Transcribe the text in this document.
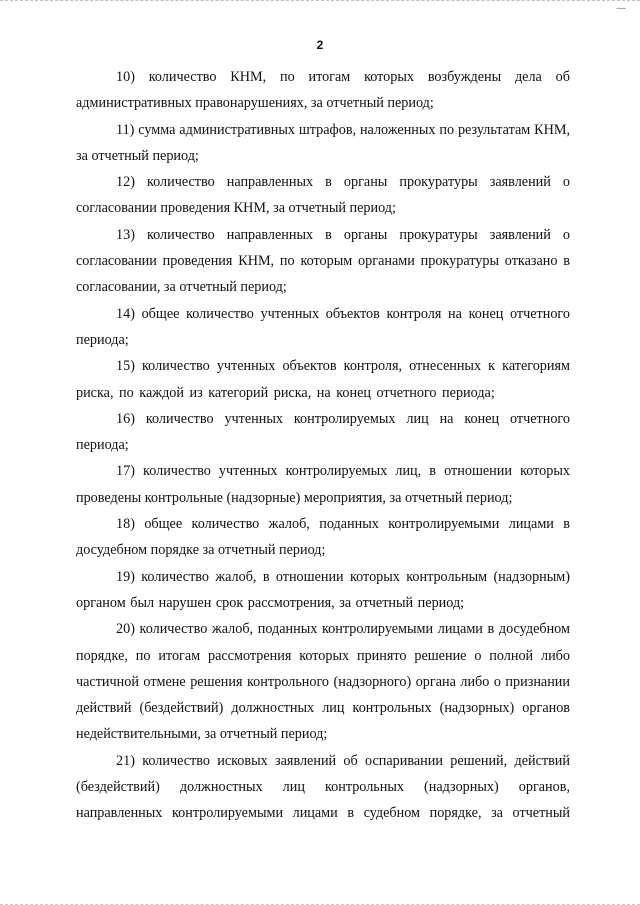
—
2

10) количество КНМ, по итогам которых возбуждены дела об административных правонарушениях, за отчетный период;

11) сумма административных штрафов, наложенных по результатам КНМ, за отчетный период;

12) количество направленных в органы прокуратуры заявлений о согласовании проведения КНМ, за отчетный период;

13) количество направленных в органы прокуратуры заявлений о согласовании проведения КНМ, по которым органами прокуратуры отказано в согласовании, за отчетный период;

14) общее количество учтенных объектов контроля на конец отчетного периода;

15) количество учтенных объектов контроля, отнесенных к категориям риска, по каждой из категорий риска, на конец отчетного периода;

16) количество учтенных контролируемых лиц на конец отчетного периода;

17) количество учтенных контролируемых лиц, в отношении которых проведены контрольные (надзорные) мероприятия, за отчетный период;

18) общее количество жалоб, поданных контролируемыми лицами в досудебном порядке за отчетный период;

19) количество жалоб, в отношении которых контрольным (надзорным) органом был нарушен срок рассмотрения, за отчетный период;

20) количество жалоб, поданных контролируемыми лицами в досудебном порядке, по итогам рассмотрения которых принято решение о полной либо частичной отмене решения контрольного (надзорного) органа либо о признании действий (бездействий) должностных лиц контрольных (надзорных) органов недействительными, за отчетный период;

21) количество исковых заявлений об оспаривании решений, действий (бездействий) должностных лиц контрольных (надзорных) органов, направленных контролируемыми лицами в судебном порядке, за отчетный
